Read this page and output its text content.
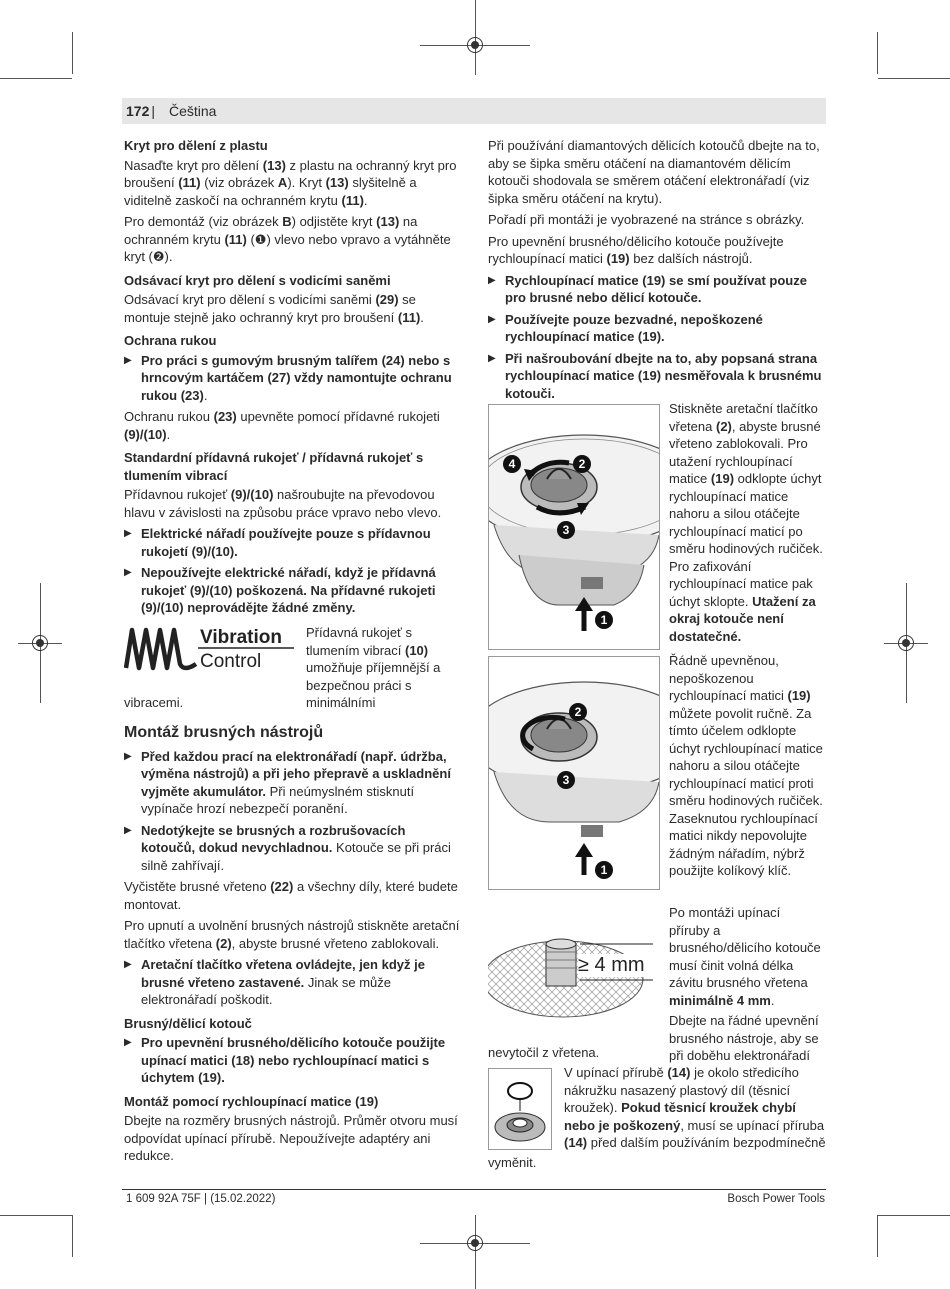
172 | Čeština
Kryt pro dělení z plastu

Nasaďte kryt pro dělení (13) z plastu na ochranný kryt pro broušení (11) (viz obrázek A). Kryt (13) slyšitelně a viditelně zaskočí na ochranném krytu (11).

Pro demontáž (viz obrázek B) odjistěte kryt (13) na ochranném krytu (11) (❶) vlevo nebo vpravo a vytáhněte kryt (❷).

Odsávací kryt pro dělení s vodicími saněmi

Odsávací kryt pro dělení s vodicími saněmi (29) se montuje stejně jako ochranný kryt pro broušení (11).

Ochrana rukou

▶ Pro práci s gumovým brusným talířem (24) nebo s hrncovým kartáčem (27) vždy namontujte ochranu rukou (23).

Ochranu rukou (23) upevněte pomocí přídavné rukojeti (9)/(10).

Standardní přídavná rukojeť / přídavná rukojeť s tlumením vibrací

Přídavnou rukojeť (9)/(10) našroubujte na převodovou hlavu v závislosti na způsobu práce vpravo nebo vlevo.

▶ Elektrické nářadí používejte pouze s přídavnou rukojetí (9)/(10).

▶ Nepoužívejte elektrické nářadí, když je přídavná rukojeť (9)/(10) poškozená. Na přídavné rukojeti (9)/(10) neprovádějte žádné změny.

Vibration
Control
Přídavná rukojeť s tlumením vibrací (10) umožňuje příjemnější a bezpečnou práci s minimálními
vibracemi.
Montáž brusných nástrojů

▶ Před každou prací na elektronářadí (např. údržba, výměna nástrojů) a při jeho přepravě a uskladnění vyjměte akumulátor. Při neúmyslném stisknutí vypínače hrozí nebezpečí poranění.

▶ Nedotýkejte se brusných a rozbrušovacích kotoučů, dokud nevychladnou. Kotouče se při práci silně zahřívají.

Vyčistěte brusné vřeteno (22) a všechny díly, které budete montovat.

Pro upnutí a uvolnění brusných nástrojů stiskněte aretační tlačítko vřetena (2), abyste brusné vřeteno zablokovali.

▶ Aretační tlačítko vřetena ovládejte, jen když je brusné vřeteno zastavené. Jinak se může elektronářadí poškodit.

Brusný/dělicí kotouč

▶ Pro upevnění brusného/dělicího kotouče použijte upínací matici (18) nebo rychloupínací matici s úchytem (19).

Montáž pomocí rychloupínací matice (19)

Dbejte na rozměry brusných nástrojů. Průměr otvoru musí odpovídat upínací přírubě. Nepoužívejte adaptéry ani redukce.

Při používání diamantových dělicích kotoučů dbejte na to, aby se šipka směru otáčení na diamantovém dělicím kotouči shodovala se směrem otáčení elektronářadí (viz šipka směru otáčení na krytu).

Pořadí při montáži je vyobrazené na stránce s obrázky.

Pro upevnění brusného/dělicího kotouče používejte rychloupínací matici (19) bez dalších nástrojů.

▶ Rychloupínací matice (19) se smí používat pouze pro brusné nebo dělicí kotouče.

▶ Používejte pouze bezvadné, nepoškozené rychloupínací matice (19).

▶ Při našroubování dbejte na to, aby popsaná strana rychloupínací matice (19) nesměřovala k brusnému kotouči.

4	2
3
1
Stiskněte aretační tlačítko vřetena (2), abyste brusné vřeteno zablokovali. Pro utažení rychloupínací matice (19) odklopte úchyt rychloupínací matice nahoru a silou otáčejte rychloupínací maticí po směru hodinových ručiček. Pro zafixování rychloupínací matice pak úchyt sklopte. Utažení za okraj kotouče není dostatečné.
2
3
1
Řádně upevněnou, nepoškozenou rychloupínací matici (19) můžete povolit ručně. Za tímto účelem odklopte úchyt rychloupínací matice nahoru a silou otáčejte rychloupínací maticí proti směru hodinových ručiček. Zaseknutou rychloupínací matici nikdy nepovolujte žádným nářadím, nýbrž použijte kolíkový klíč.
≥ 4 mm

Po montáži upínací příruby a brusného/dělicího kotouče musí činit volná délka závitu brusného vřetena minimálně 4 mm.

Dbejte na řádné upevnění brusného nástroje, aby se při doběhu elektronářadí

nevytočil z vřetena.
V upínací přírubě (14) je okolo středicího nákružku nasazený plastový díl (těsnicí kroužek). Pokud těsnicí kroužek chybí nebo je poškozený, musí se upínací příruba (14) před dalším používáním bezpodmínečně
vyměnit.
1 609 92A 75F | (15.02.2022)	Bosch Power Tools
